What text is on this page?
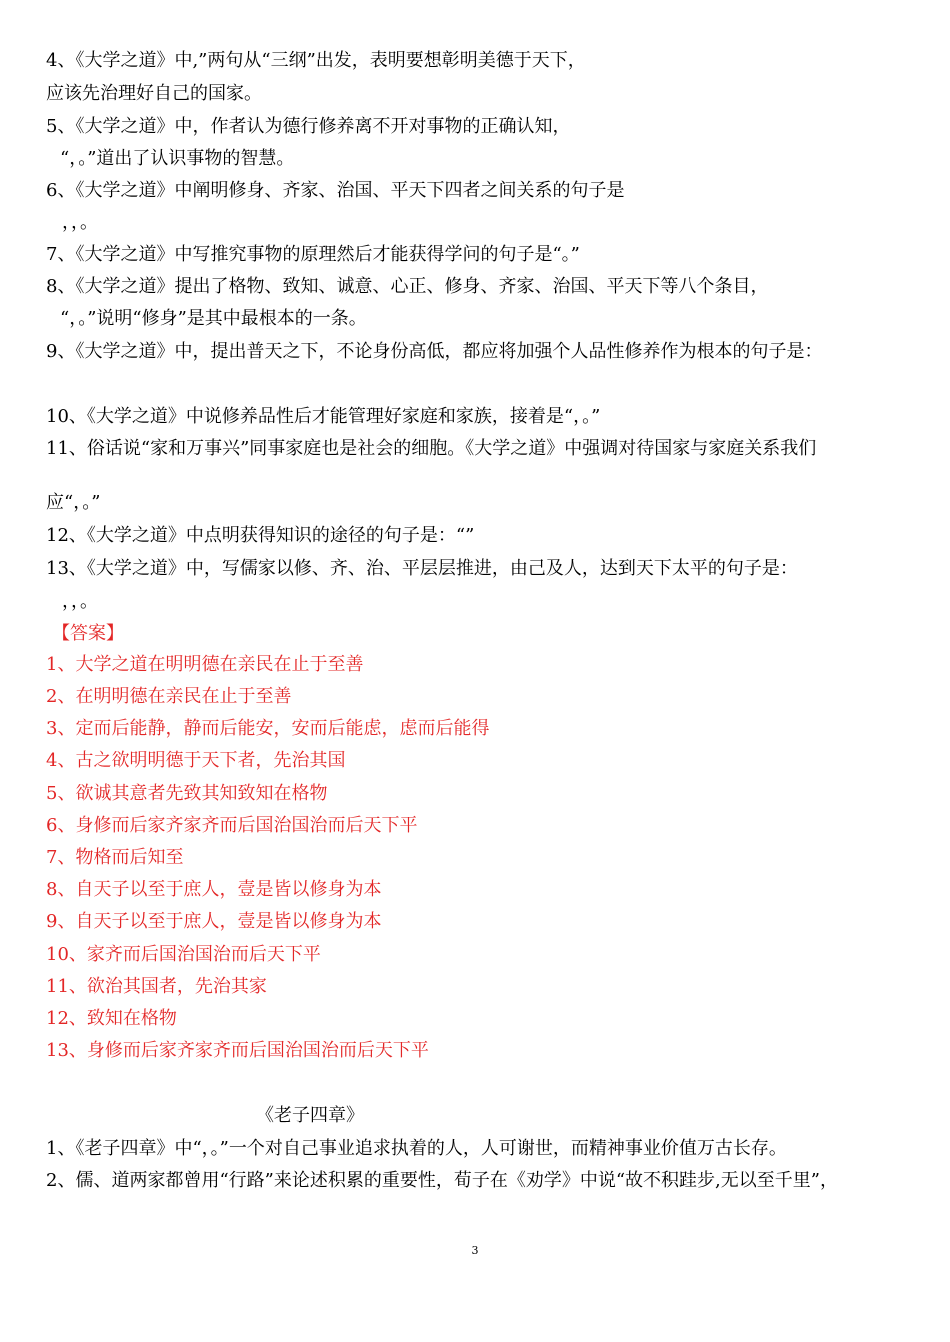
4、《大学之道》中,”两句从“三纲”出发，表明要想彰明美德于天下，
应该先治理好自己的国家。
5、《大学之道》中，作者认为德行修养离不开对事物的正确认知，
“，。”道出了认识事物的智慧。
6、《大学之道》中阐明修身、齐家、治国、平天下四者之间关系的句子是
，，。
7、《大学之道》中写推究事物的原理然后才能获得学问的句子是“。”
8、《大学之道》提出了格物、致知、诚意、心正、修身、齐家、治国、平天下等八个条目，
“，。”说明“修身”是其中最根本的一条。
9、《大学之道》中，提出普天之下，不论身份高低，都应将加强个人品性修养作为根本的句子是：
10、《大学之道》中说修养品性后才能管理好家庭和家族，接着是“，。”
11、俗话说“家和万事兴”同事家庭也是社会的细胞。《大学之道》中强调对待国家与家庭关系我们
应“，。”
12、《大学之道》中点明获得知识的途径的句子是：“”
13、《大学之道》中，写儒家以修、齐、治、平层层推进，由己及人，达到天下太平的句子是：
，，。
【答案】
1、大学之道在明明德在亲民在止于至善
2、在明明德在亲民在止于至善
3、定而后能静，静而后能安，安而后能虑，虑而后能得
4、古之欲明明德于天下者，先治其国
5、欲诚其意者先致其知致知在格物
6、身修而后家齐家齐而后国治国治而后天下平
7、物格而后知至
8、自天子以至于庶人，壹是皆以修身为本
9、自天子以至于庶人，壹是皆以修身为本
10、家齐而后国治国治而后天下平
11、欲治其国者，先治其家
12、致知在格物
13、身修而后家齐家齐而后国治国治而后天下平
《老子四章》
1、《老子四章》中“，。”一个对自己事业追求执着的人，人可谢世，而精神事业价值万古长存。
2、儒、道两家都曾用“行路”来论述积累的重要性，荀子在《劝学》中说“故不积跬步,无以至千里”，
3
